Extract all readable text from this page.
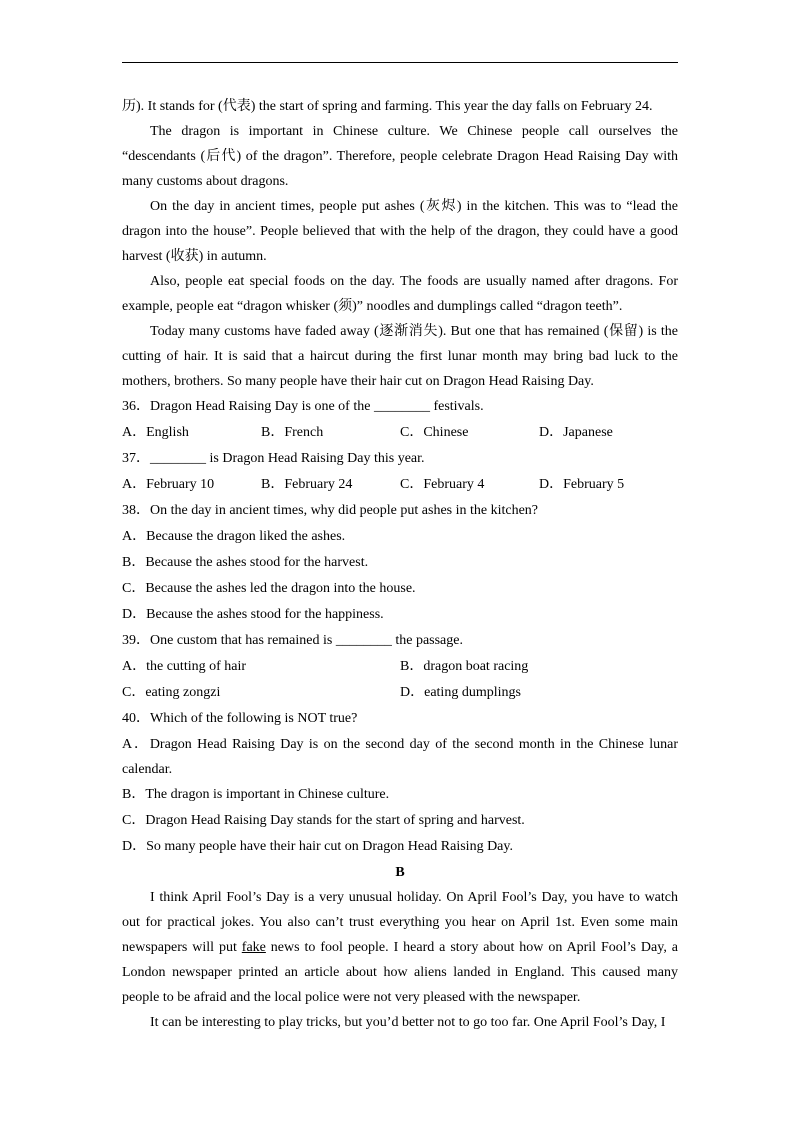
历). It stands for (代表) the start of spring and farming. This year the day falls on February 24.

The dragon is important in Chinese culture. We Chinese people call ourselves the “descendants (后代) of the dragon”. Therefore, people celebrate Dragon Head Raising Day with many customs about dragons.

On the day in ancient times, people put ashes (灰烬) in the kitchen. This was to “lead the dragon into the house”. People believed that with the help of the dragon, they could have a good harvest (收获) in autumn.

Also, people eat special foods on the day. The foods are usually named after dragons. For example, people eat “dragon whisker (须)” noodles and dumplings called “dragon teeth”.

Today many customs have faded away (逐渐消失). But one that has remained (保留) is the cutting of hair. It is said that a haircut during the first lunar month may bring bad luck to the mothers, brothers. So many people have their hair cut on Dragon Head Raising Day.

36．Dragon Head Raising Day is one of the ________ festivals.

A．English	B．French	C．Chinese	D．Japanese

37．________ is Dragon Head Raising Day this year.

A．February 10	B．February 24	C．February 4	D．February 5

38．On the day in ancient times, why did people put ashes in the kitchen?

A．Because the dragon liked the ashes.

B．Because the ashes stood for the harvest.

C．Because the ashes led the dragon into the house.

D．Because the ashes stood for the happiness.

39．One custom that has remained is ________ the passage.

A．the cutting of hair	B．dragon boat racing
C．eating zongzi	D．eating dumplings

40．Which of the following is NOT true?

A．Dragon Head Raising Day is on the second day of the second month in the Chinese lunar calendar.

B．The dragon is important in Chinese culture.

C．Dragon Head Raising Day stands for the start of spring and harvest.

D．So many people have their hair cut on Dragon Head Raising Day.

B

I think April Fool’s Day is a very unusual holiday. On April Fool’s Day, you have to watch out for practical jokes. You also can’t trust everything you hear on April 1st. Even some main newspapers will put fake news to fool people. I heard a story about how on April Fool’s Day, a London newspaper printed an article about how aliens landed in England. This caused many people to be afraid and the local police were not very pleased with the newspaper.

It can be interesting to play tricks, but you’d better not to go too far. One April Fool’s Day, I
